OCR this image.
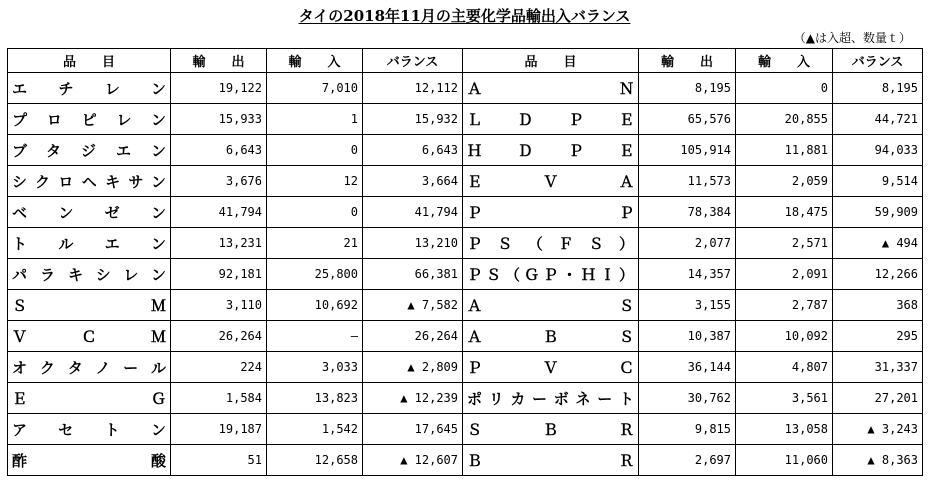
タイの2018年11月の主要化学品輸出入バランス
（▲は入超、数量ｔ）
品　　目	輸　　出	輸　　入	バランス	品　　目	輸　　出	輸　　入	バランス
エチレン	19,122	7,010	12,112	ＡＮ	8,195	0	8,195
プロピレン	15,933	1	15,932	ＬＤＰＥ	65,576	20,855	44,721
ブタジエン	6,643	0	6,643	ＨＤＰＥ	105,914	11,881	94,033
シクロヘキサン	3,676	12	3,664	ＥＶＡ	11,573	2,059	9,514
ベンゼン	41,794	0	41,794	ＰＰ	78,384	18,475	59,909
トルエン	13,231	21	13,210	ＰＳ（ＦＳ）	2,077	2,571	▲ 494
パラキシレン	92,181	25,800	66,381	ＰＳ（ＧＰ・ＨＩ）	14,357	2,091	12,266
ＳＭ	3,110	10,692	▲ 7,582	ＡＳ	3,155	2,787	368
ＶＣＭ	26,264	—	26,264	ＡＢＳ	10,387	10,092	295
オクタノール	224	3,033	▲ 2,809	ＰＶＣ	36,144	4,807	31,337
ＥＧ	1,584	13,823	▲ 12,239	ポリカーボネート	30,762	3,561	27,201
アセトン	19,187	1,542	17,645	ＳＢＲ	9,815	13,058	▲ 3,243
酢酸	51	12,658	▲ 12,607	ＢＲ	2,697	11,060	▲ 8,363
